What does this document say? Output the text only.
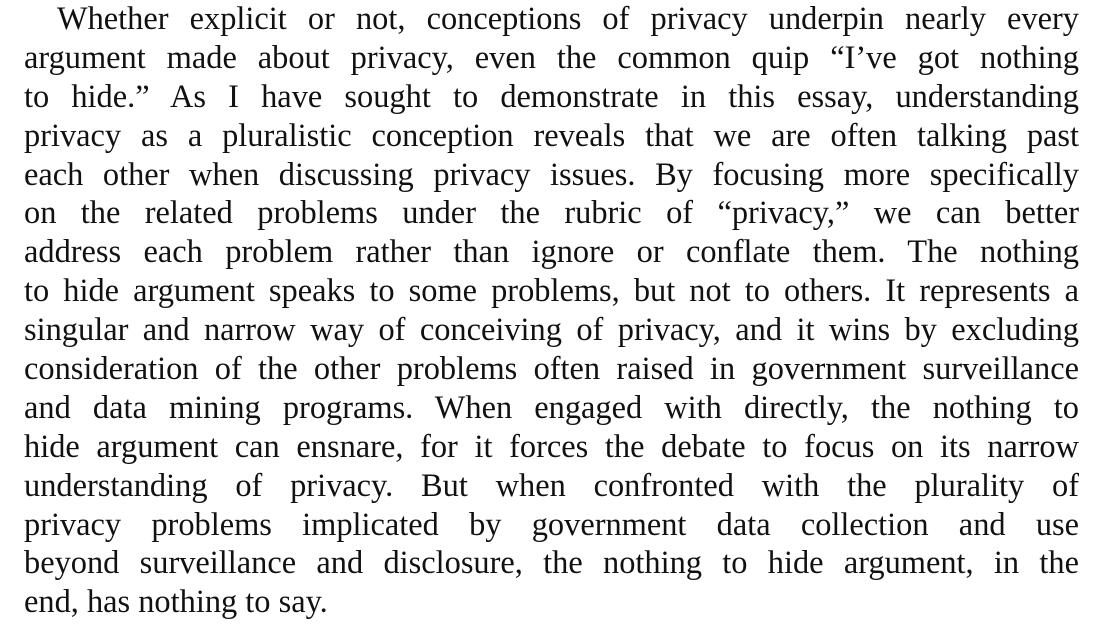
Whether explicit or not, conceptions of privacy underpin nearly every
argument made about privacy, even the common quip “I’ve got nothing
to hide.” As I have sought to demonstrate in this essay, understanding
privacy as a pluralistic conception reveals that we are often talking past
each other when discussing privacy issues. By focusing more specifically
on the related problems under the rubric of “privacy,” we can better
address each problem rather than ignore or conflate them. The nothing
to hide argument speaks to some problems, but not to others. It represents a
singular and narrow way of conceiving of privacy, and it wins by excluding
consideration of the other problems often raised in government surveillance
and data mining programs. When engaged with directly, the nothing to
hide argument can ensnare, for it forces the debate to focus on its narrow
understanding of privacy. But when confronted with the plurality of
privacy problems implicated by government data collection and use
beyond surveillance and disclosure, the nothing to hide argument, in the
end, has nothing to say.
